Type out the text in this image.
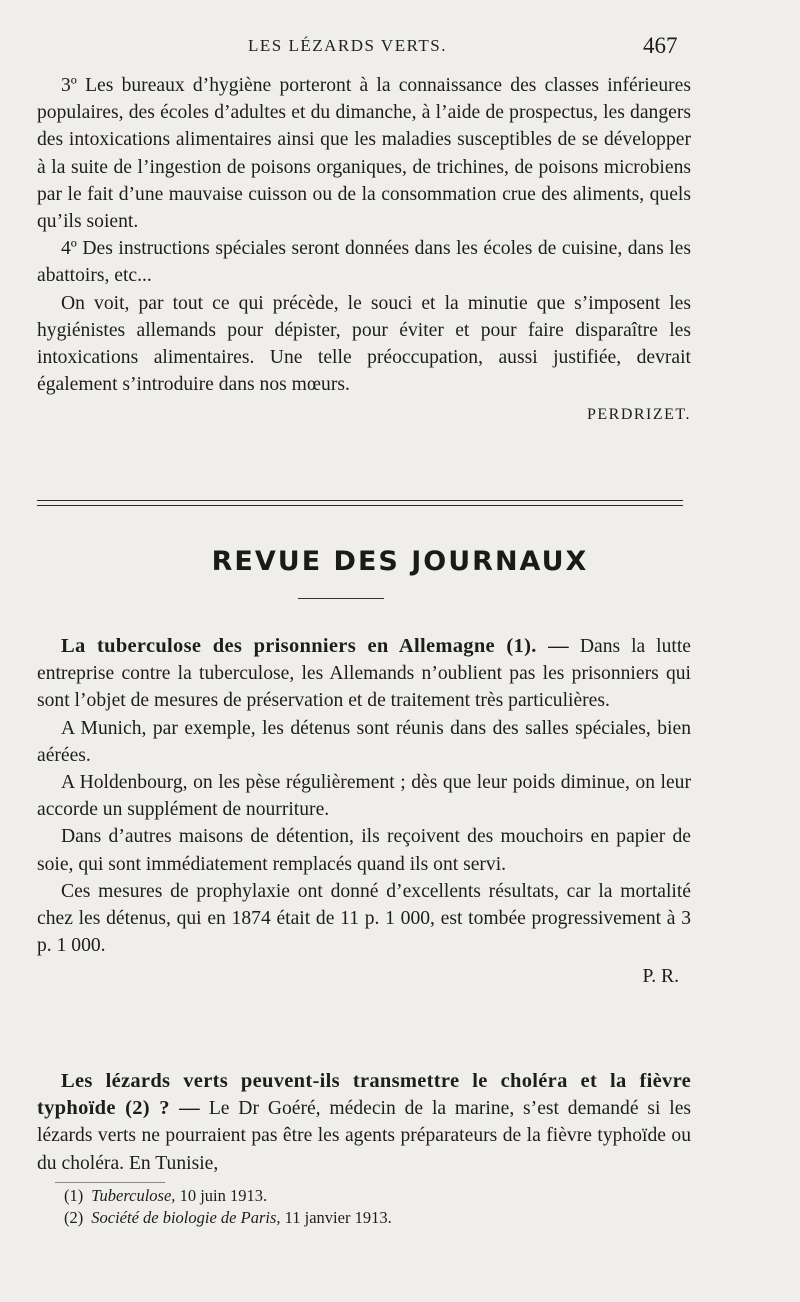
LES LÉZARDS VERTS.	467

3º Les bureaux d’hygiène porteront à la connaissance des classes inférieures populaires, des écoles d’adultes et du dimanche, à l’aide de prospectus, les dangers des intoxications alimentaires ainsi que les maladies susceptibles de se développer à la suite de l’ingestion de poisons organiques, de trichines, de poisons microbiens par le fait d’une mauvaise cuisson ou de la consommation crue des aliments, quels qu’ils soient.

4º Des instructions spéciales seront données dans les écoles de cuisine, dans les abattoirs, etc...

On voit, par tout ce qui précède, le souci et la minutie que s’imposent les hygiénistes allemands pour dépister, pour éviter et pour faire disparaître les intoxications alimentaires. Une telle préoccupation, aussi justifiée, devrait également s’introduire dans nos mœurs.

PERDRIZET.
REVUE DES JOURNAUX

La tuberculose des prisonniers en Allemagne (1). — Dans la lutte entreprise contre la tuberculose, les Allemands n’oublient pas les prisonniers qui sont l’objet de mesures de préservation et de traitement très particulières.

A Munich, par exemple, les détenus sont réunis dans des salles spéciales, bien aérées.

A Holdenbourg, on les pèse régulièrement ; dès que leur poids diminue, on leur accorde un supplément de nourriture.

Dans d’autres maisons de détention, ils reçoivent des mouchoirs en papier de soie, qui sont immédiatement remplacés quand ils ont servi.

Ces mesures de prophylaxie ont donné d’excellents résultats, car la mortalité chez les détenus, qui en 1874 était de 11 p. 1 000, est tombée progressivement à 3 p. 1 000.

P. R.

Les lézards verts peuvent-ils transmettre le choléra et la fièvre typhoïde (2) ? — Le Dr Goéré, médecin de la marine, s’est demandé si les lézards verts ne pourraient pas être les agents préparateurs de la fièvre typhoïde ou du choléra. En Tunisie,

(1) Tuberculose, 10 juin 1913.
(2) Société de biologie de Paris, 11 janvier 1913.
